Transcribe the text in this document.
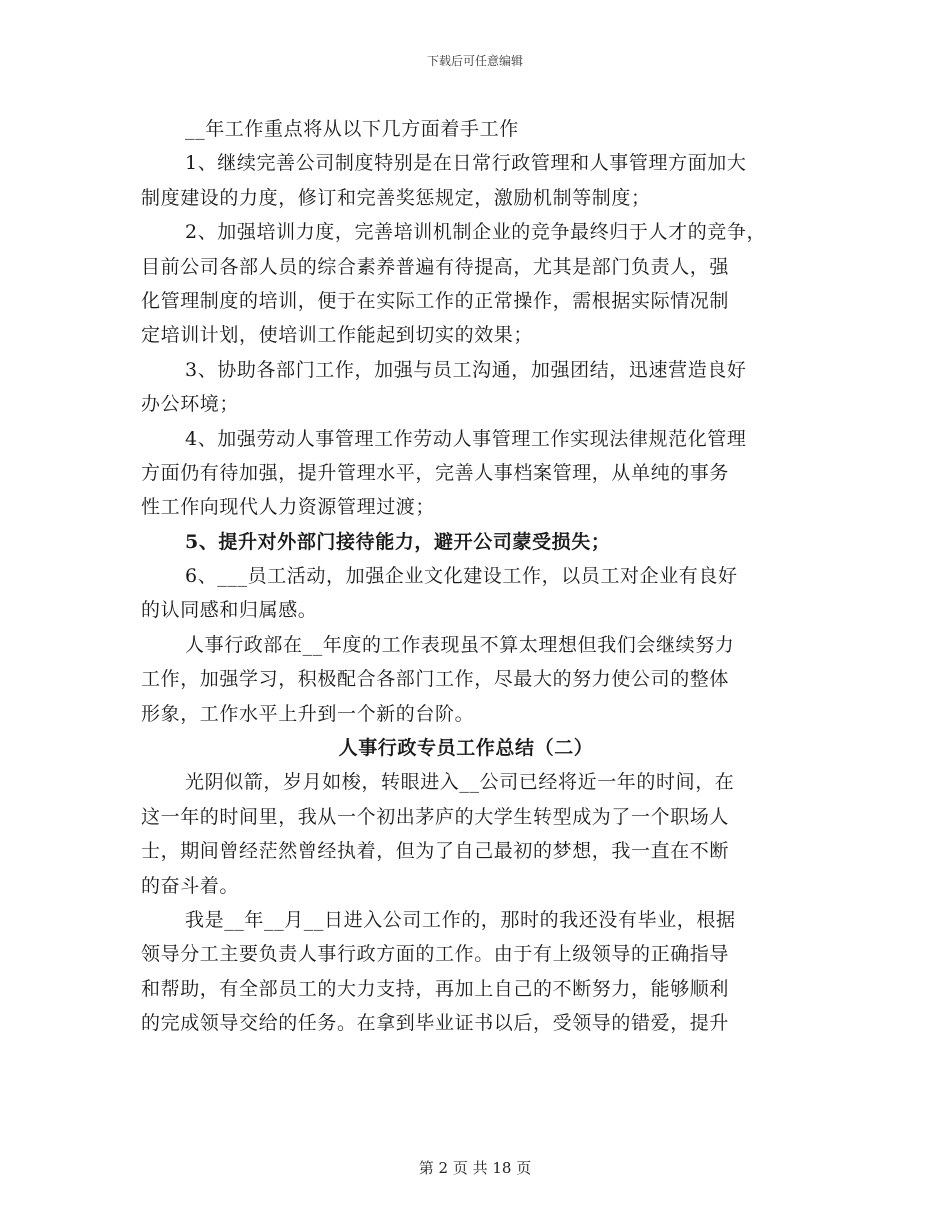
下载后可任意编辑
__年工作重点将从以下几方面着手工作
1、继续完善公司制度特别是在日常行政管理和人事管理方面加大
制度建设的力度，修订和完善奖惩规定，激励机制等制度；
2、加强培训力度，完善培训机制企业的竞争最终归于人才的竞争，
目前公司各部人员的综合素养普遍有待提高，尤其是部门负责人，强
化管理制度的培训，便于在实际工作的正常操作，需根据实际情况制
定培训计划，使培训工作能起到切实的效果；
3、协助各部门工作，加强与员工沟通，加强团结，迅速营造良好
办公环境；
4、加强劳动人事管理工作劳动人事管理工作实现法律规范化管理
方面仍有待加强，提升管理水平，完善人事档案管理，从单纯的事务
性工作向现代人力资源管理过渡；
5、提升对外部门接待能力，避开公司蒙受损失；
6、___员工活动，加强企业文化建设工作，以员工对企业有良好
的认同感和归属感。
人事行政部在__年度的工作表现虽不算太理想但我们会继续努力
工作，加强学习，积极配合各部门工作，尽最大的努力使公司的整体
形象，工作水平上升到一个新的台阶。
人事行政专员工作总结（二）
光阴似箭，岁月如梭，转眼进入__公司已经将近一年的时间，在
这一年的时间里，我从一个初出茅庐的大学生转型成为了一个职场人
士，期间曾经茫然曾经执着，但为了自己最初的梦想，我一直在不断
的奋斗着。
我是__年__月__日进入公司工作的，那时的我还没有毕业，根据
领导分工主要负责人事行政方面的工作。由于有上级领导的正确指导
和帮助，有全部员工的大力支持，再加上自己的不断努力，能够顺利
的完成领导交给的任务。在拿到毕业证书以后，受领导的错爱，提升
第 2 页 共 18 页
